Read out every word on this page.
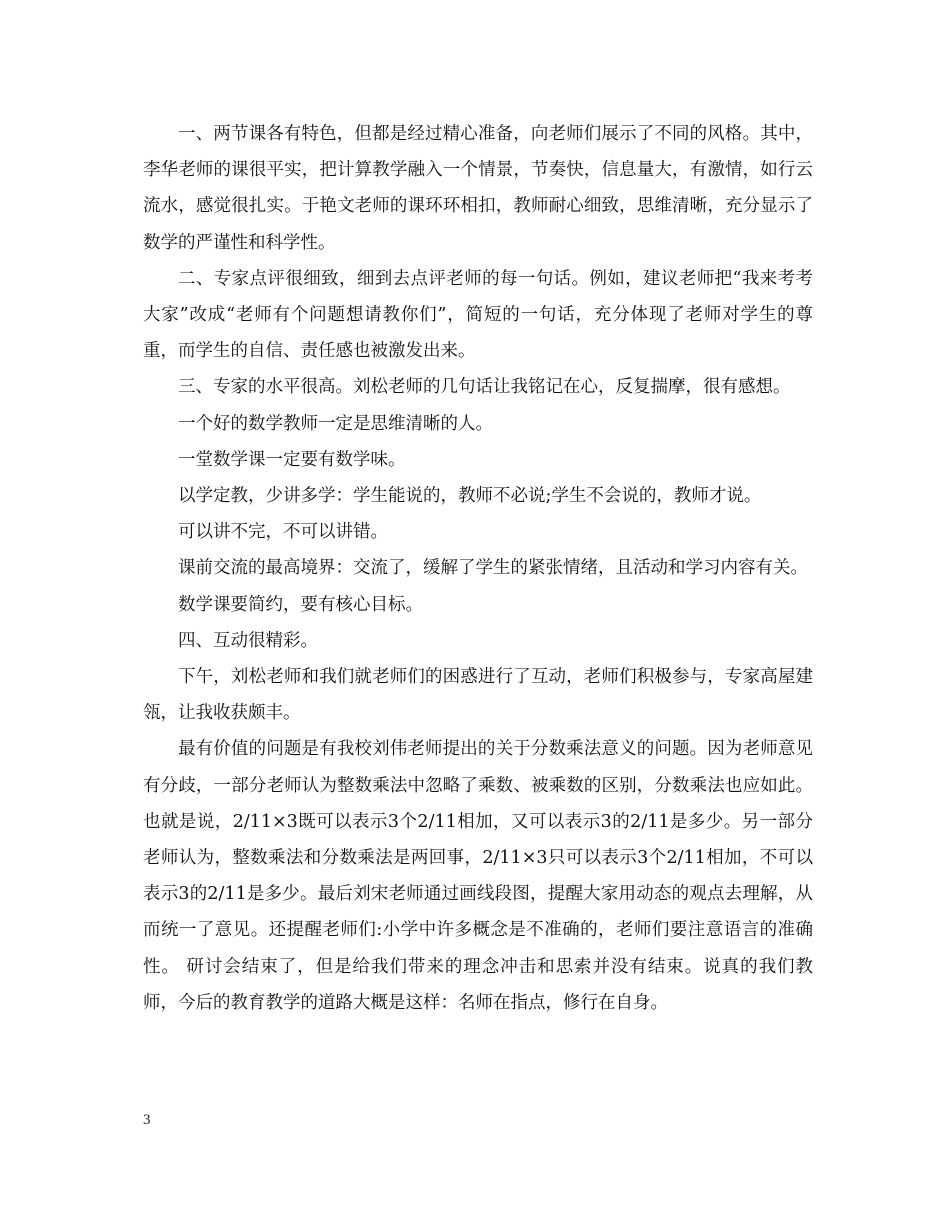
一、两节课各有特色，但都是经过精心准备，向老师们展示了不同的风格。其中，李华老师的课很平实，把计算教学融入一个情景，节奏快，信息量大，有激情，如行云流水，感觉很扎实。于艳文老师的课环环相扣，教师耐心细致，思维清晰，充分显示了数学的严谨性和科学性。

二、专家点评很细致，细到去点评老师的每一句话。例如，建议老师把“我来考考大家”改成“老师有个问题想请教你们”，简短的一句话，充分体现了老师对学生的尊重，而学生的自信、责任感也被激发出来。

三、专家的水平很高。刘松老师的几句话让我铭记在心，反复揣摩，很有感想。

一个好的数学教师一定是思维清晰的人。

一堂数学课一定要有数学味。

以学定教，少讲多学：学生能说的，教师不必说;学生不会说的，教师才说。

可以讲不完，不可以讲错。

课前交流的最高境界：交流了，缓解了学生的紧张情绪，且活动和学习内容有关。

数学课要简约，要有核心目标。

四、互动很精彩。

下午，刘松老师和我们就老师们的困惑进行了互动，老师们积极参与，专家高屋建瓴，让我收获颇丰。

最有价值的问题是有我校刘伟老师提出的关于分数乘法意义的问题。因为老师意见有分歧，一部分老师认为整数乘法中忽略了乘数、被乘数的区别，分数乘法也应如此。也就是说，2/11×3既可以表示3个2/11相加，又可以表示3的2/11是多少。另一部分老师认为，整数乘法和分数乘法是两回事，2/11×3只可以表示3个2/11相加，不可以表示3的2/11是多少。最后刘宋老师通过画线段图，提醒大家用动态的观点去理解，从而统一了意见。还提醒老师们:小学中许多概念是不准确的，老师们要注意语言的准确性。 研讨会结束了，但是给我们带来的理念冲击和思索并没有结束。说真的我们教师，今后的教育教学的道路大概是这样：名师在指点，修行在自身。

3
